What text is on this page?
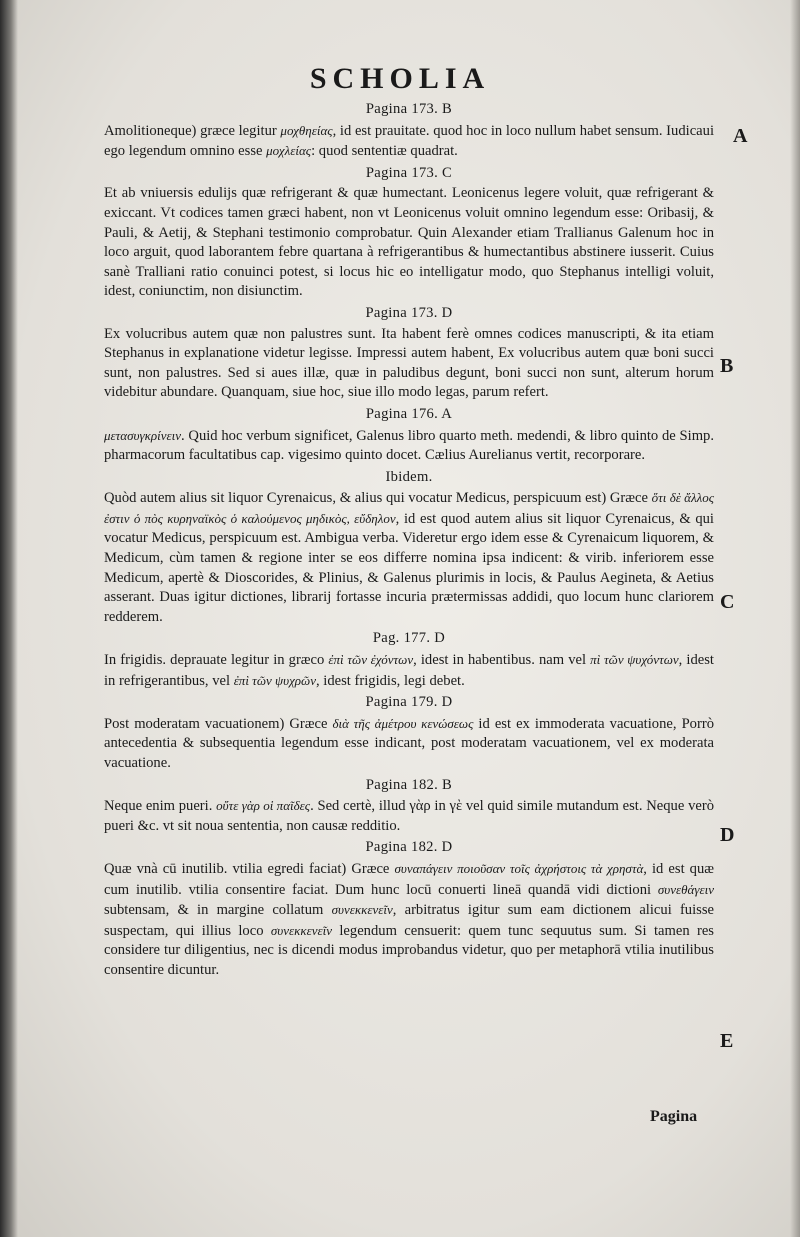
SCHOLIA
Pagina 173. B

Amolitioneque) græce legitur μοχθηείας, id est prauitate. quod hoc in loco nullum habet sensum. Iudicaui ego legendum omnino esse μοχλείας: quod sententiæ quadrat.

Pagina 173. C

Et ab vniuersis edulijs quæ refrigerant & quæ humectant. Leonicenus legere voluit, quæ refrigerant & exiccant. Vt codices tamen græci habent, non vt Leonicenus voluit omnino legendum esse: Oribasij, & Pauli, & Aetij, & Stephani testimonio comprobatur. Quin Alexander etiam Trallianus Galenum hoc in loco arguit, quod laborantem febre quartana à refrigerantibus & humectantibus abstinere iusserit. Cuius sanè Tralliani ratio conuinci potest, si locus hic eo intelligatur modo, quo Stephanus intelligi voluit, idest, coniunctim, non disiunctim.

Pagina 173. D

Ex volucribus autem quæ non palustres sunt. Ita habent ferè omnes codices manuscripti, & ita etiam Stephanus in explanatione videtur legisse. Impressi autem habent, Ex volucribus autem quæ boni succi sunt, non palustres. Sed si aues illæ, quæ in paludibus degunt, boni succi non sunt, alterum horum videbitur abundare. Quanquam, siue hoc, siue illo modo legas, parum refert.

Pagina 176. A

μετασυγκρίνειν. Quid hoc verbum significet, Galenus libro quarto meth. medendi, & libro quinto de Simp. pharmacorum facultatibus cap. vigesimo quinto docet. Cælius Aurelianus vertit, recorporare.

Ibidem.

Quòd autem alius sit liquor Cyrenaicus, & alius qui vocatur Medicus, perspicuum est) Græce ὅτι δὲ ἄλλος ἐστιν ὁ πὸς κυρηναϊκὸς ὁ καλούμενος μηδικὸς, εὔδηλον, id est quod autem alius sit liquor Cyrenaicus, & qui vocatur Medicus, perspicuum est. Ambigua verba. Videretur ergo idem esse & Cyrenaicum liquorem, & Medicum, cùm tamen & regione inter se eos differre nomina ipsa indicent: & virib. inferiorem esse Medicum, apertè & Dioscorides, & Plinius, & Galenus plurimis in locis, & Paulus Aegineta, & Aetius asserant. Duas igitur dictiones, librarij fortasse incuria prætermissas addidi, quo locum hunc clariorem redderem.

Pag. 177. D

In frigidis. deprauate legitur in græco ἐπὶ τῶν ἐχόντων, idest in habentibus. nam vel πὶ τῶν ψυχόντων, idest in refrigerantibus, vel ἐπὶ τῶν ψυχρῶν, idest frigidis, legi debet.

Pagina 179. D

Post moderatam vacuationem) Græce διὰ τῆς ἀμέτρου κενώσεως id est ex immoderata vacuatione, Porrò antecedentia & subsequentia legendum esse indicant, post moderatam vacuationem, vel ex moderata vacuatione.

Pagina 182. B

Neque enim pueri. οὔτε γὰρ οἱ παῖδες. Sed certè, illud γὰρ in γὲ vel quid simile mutandum est. Neque verò pueri &c. vt sit noua sententia, non causæ redditio.

Pagina 182. D

Quæ vnà cū inutilib. vtilia egredi faciat) Græce συναπάγειν ποιοῦσαν τοῖς ἀχρήστοις τὰ χρηστὰ, id est quæ cum inutilib. vtilia consentire faciat. Dum hunc locū conuerti lineā quandā vidi dictioni συνεθάγειν subtensam, & in margine collatum συνεκκενεῖν, arbitratus igitur sum eam dictionem alicui fuisse suspectam, qui illius loco συνεκκενεῖν legendum censuerit: quem tunc sequutus sum. Si tamen res considere tur diligentius, nec is dicendi modus improbandus videtur, quo per metaphorā vtilia inutilibus consentire dicuntur.

A
B
C
D
E
Pagina
